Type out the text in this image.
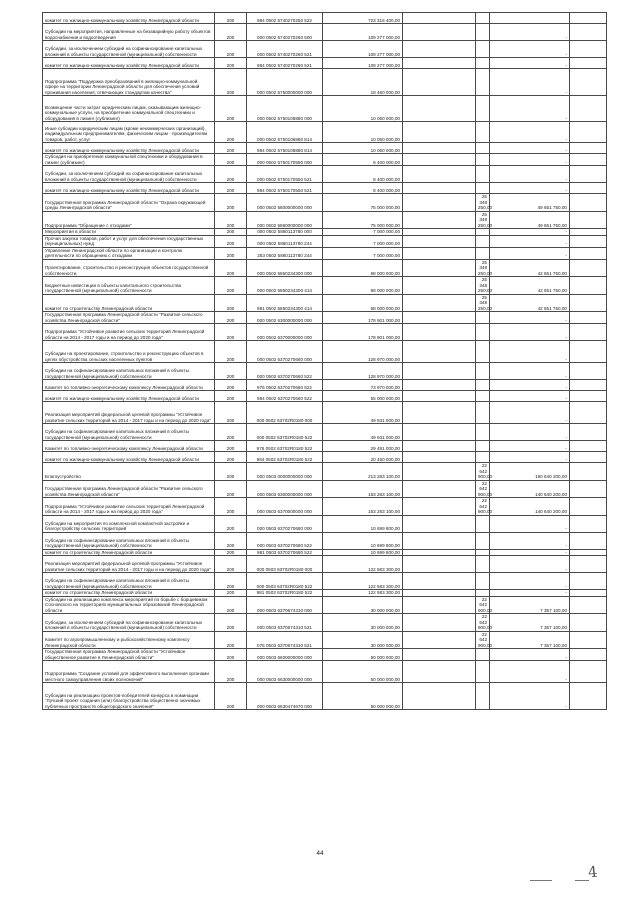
комитет по жилищно-коммунальному хозяйству Ленинградской области	200	984 0502 5740270250 522	723 316 400,00				
Субсидии на мероприятия, направленные на безаварийную работу объектов водоснабжения и водоотведения	200	000 0502 5740270260 500	109 277 000,00			-	
Субсидии, за исключением субсидий на софинансирование капитальных вложений в объекты государственной (муниципальной) собственности	200	000 0502 5740270260 521	109 277 000,00			-	
комитет по жилищно-коммунальному хозяйству Ленинградской области	200	984 0502 5740270260 521	109 277 000,00			-	
Подпрограмма "Поддержка преобразований в жилищно-коммунальной сфере на территории Ленинградской области для обеспечения условий проживания населения, отвечающих стандартам качества"	200	000 0502 5750000000 000	18 460 000,00			-	
Возмещение части затрат юридическим лицам, оказывающим жилищно-коммунальные услуги, на приобретение коммунальной спецтехники и оборудования в лизинг (сублизинг)	200	000 0502 5750106880 000	10 060 000,00			-	
Иные субсидии юридическим лицам (кроме некоммерческих организаций), индивидуальным предпринимателям, физическим лицам - производителям товаров, работ, услуг	200	000 0502 5750106880 814	10 060 000,00			-	
комитет по жилищно-коммунальному хозяйству Ленинградской области	200	984 0502 5750106880 814	10 060 000,00			-	
Субсидия на приобретение коммунальной спецтехники и оборудования в лизинг (сублизинг)	200	000 0502 5750170550 000	8 400 000,00			-	
Субсидии, за исключением субсидий на софинансирование капитальных вложений в объекты государственной (муниципальной) собственности	200	000 0502 5750170550 521	8 400 000,00			-	
комитет по жилищно-коммунальному хозяйству Ленинградской области	200	984 0502 5750170550 521	8 400 000,00			-	
Государственная программа Ленинградской области "Охрана окружающей среды Ленинградской области"	200	000 0502 5800000000 000	75 000 000,00		25 348 250,00	49 651 750,00	
Подпрограмма "Обращение с отходами"	200	000 0502 5860000000 000	75 000 000,00		25 348 250,00	49 651 750,00	
Мероприятия в области	200	000 0502 5860113780 000	7 000 000,00			-	
Прочая закупка товаров, работ и услуг для обеспечения государственных (муниципальных) нужд	200	000 0502 5860113780 244	7 000 000,00			-	
Управление Ленинградской области по организации и контролю деятельности по обращению с отходами	200	253 0502 5860113780 244	7 000 000,00			-	
Проектирование, строительство и реконструкция объектов государственной собственности	200	000 0502 5860234300 000	68 000 000,00		25 348 250,00	42 651 750,00	
Бюджетные инвестиции в объекты капитального строительства государственной (муниципальной) собственности	200	000 0502 5860234300 414	68 000 000,00		25 348 250,00	42 651 750,00	
комитет по строительству Ленинградской области	200	981 0502 5860234300 414	68 000 000,00		25 348 250,00	42 651 750,00	
Государственная программа Ленинградской области "Развитие сельского хозяйства Ленинградской области"	200	000 0502 6300000000 000	178 901 000,00			-	
Подпрограмма "Устойчивое развитие сельских территорий Ленинградской области на 2014 - 2017 годы и на период до 2020 года"	200	000 0502 6370000000 000	178 901 000,00			-	
Субсидии на проектирование, строительство и реконструкцию объектов в целях обустройства сельских населенных пунктов	200	000 0502 6370270660 000	128 970 000,00			-	
Субсидии на софинансирование капитальных вложений в объекты государственной (муниципальной) собственности	200	000 0502 6370270660 522	128 970 000,00			-	
Комитет по топливно-энергетическому комплексу Ленинградской области	200	976 0502 6370270660 522	73 970 000,00			-	
комитет по жилищно-коммунальному хозяйству Ленинградской области	200	984 0502 6370270660 522	55 000 000,00			-	
Реализация мероприятий федеральной целевой программы "Устойчивое развитие сельских территорий на 2014 - 2017 годы и на период до 2020 года"	200	000 0502 63702R0180 000	49 931 000,00			-	
Субсидии на софинансирование капитальных вложений в объекты государственной (муниципальной) собственности	200	000 0502 63702R0180 522	49 931 000,00			-	
Комитет по топливно-энергетическому комплексу Ленинградской области	200	976 0502 63702R0180 522	29 481 000,00			-	
комитет по жилищно-коммунальному хозяйству Ленинградской области	200	984 0502 63702R0180 522	20 450 000,00			-	
Благоустройство	200	000 0503 0000000000 000	213 283 100,00		22 642 900,00	190 640 200,00	
Государственная программа Ленинградской области "Развитие сельского хозяйства Ленинградской области"	200	000 0503 6300000000 000	163 283 100,00		22 642 900,00	140 640 200,00	
Подпрограмма "Устойчивое развитие сельских территорий Ленинградской области на 2014 - 2017 годы и на период до 2020 года"	200	000 0503 6370000000 000	163 283 100,00		22 642 900,00	140 640 200,00	
Субсидии на мероприятия по комплексной компактной застройке и благоустройству сельских территорий	200	000 0503 6370270680 000	10 699 800,00			-	
Субсидии на софинансирование капитальных вложений в объекты государственной (муниципальной) собственности	200	000 0503 6370270680 522	10 699 800,00			-	
комитет по строительству Ленинградской области	200	981 0503 6370270680 522	10 699 800,00			-	
Реализация мероприятий федеральной целевой программы "Устойчивое развитие сельских территорий на 2014 - 2017 годы и на период до 2020 года"	200	000 0503 63702R0180 000	122 583 300,00			-	
Субсидии на софинансирование капитальных вложений в объекты государственной (муниципальной) собственности	200	000 0503 63702R0180 522	122 583 300,00			-	
комитет по строительству Ленинградской области	200	981 0503 63702R0180 522	122 583 300,00			-	
Субсидии на реализацию комплекса мероприятий по борьбе с борщевиком Сосновского на территориях муниципальных образований Ленинградской области	200	000 0503 6370674310 000	30 000 000,00		22 642 900,00	7 357 100,00	
Субсидии, за исключением субсидий на софинансирование капитальных вложений в объекты государственной (муниципальной) собственности	200	000 0503 6370674310 521	30 000 000,00		22 642 900,00	7 357 100,00	
Комитет по агропромышленному и рыбохозяйственному комплексу Ленинградской области	200	075 0503 6370674310 521	30 000 000,00		22 642 900,00	7 357 100,00	
Государственная программа Ленинградской области "Устойчивое общественное развитие в Ленинградской области"	200	000 0503 6600000000 000	50 000 000,00			-	
Подпрограмма "Создание условий для эффективного выполнения органами местного самоуправления своих полномочий"	200	000 0503 6630000000 000	50 000 000,00			-	
Субсидии на реализацию проектов-победителей конкурса в номинации "Лучший проект создания (или) благоустройства общественно значимых публичных пространств общегородского значения"	200	000 0503 6630474670 000	50 000 000,00			-	
44
4
